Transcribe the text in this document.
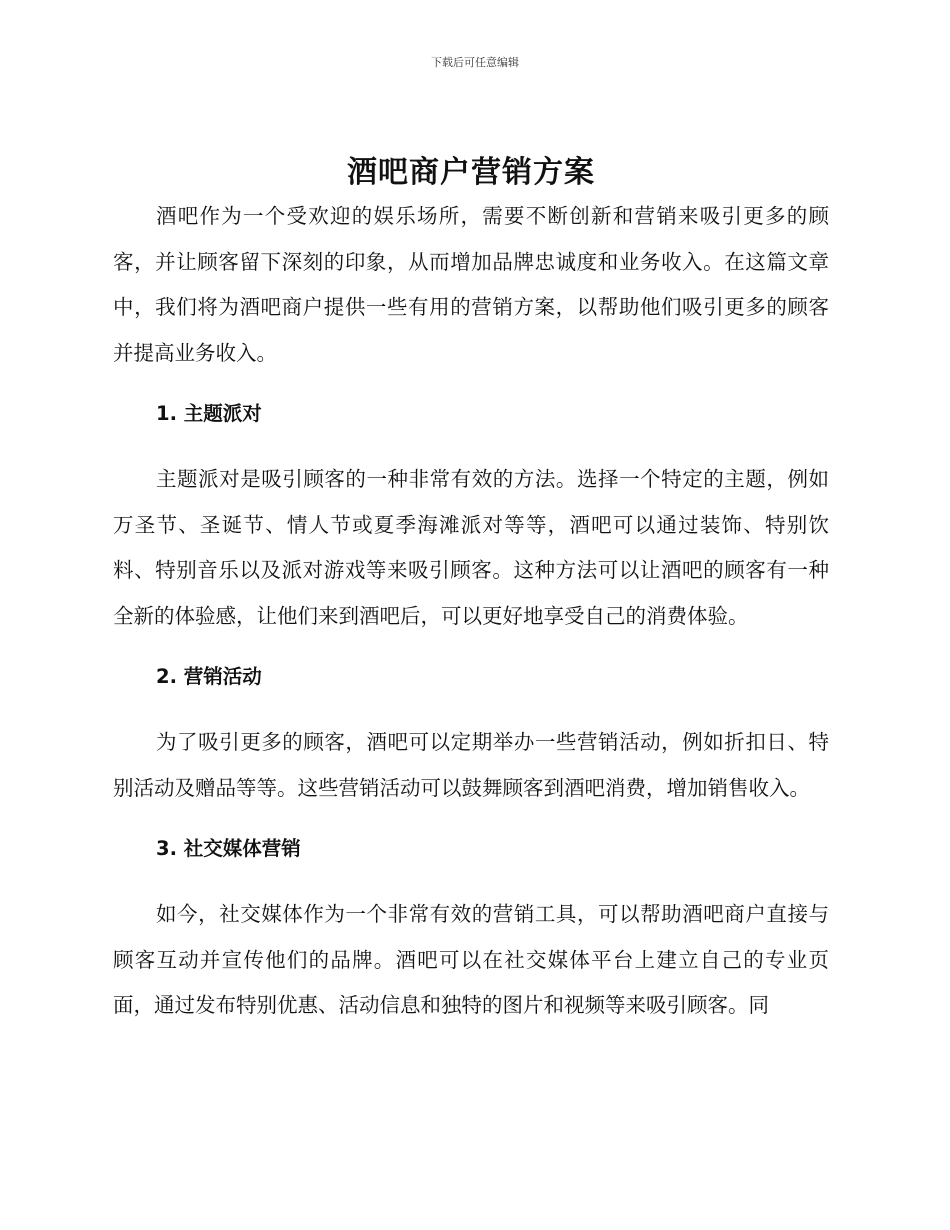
下载后可任意编辑
酒吧商户营销方案

酒吧作为一个受欢迎的娱乐场所，需要不断创新和营销来吸引更多的顾客，并让顾客留下深刻的印象，从而增加品牌忠诚度和业务收入。在这篇文章中，我们将为酒吧商户提供一些有用的营销方案，以帮助他们吸引更多的顾客并提高业务收入。

1. 主题派对

主题派对是吸引顾客的一种非常有效的方法。选择一个特定的主题，例如万圣节、圣诞节、情人节或夏季海滩派对等等，酒吧可以通过装饰、特别饮料、特别音乐以及派对游戏等来吸引顾客。这种方法可以让酒吧的顾客有一种全新的体验感，让他们来到酒吧后，可以更好地享受自己的消费体验。

2. 营销活动

为了吸引更多的顾客，酒吧可以定期举办一些营销活动，例如折扣日、特别活动及赠品等等。这些营销活动可以鼓舞顾客到酒吧消费，增加销售收入。

3. 社交媒体营销

如今，社交媒体作为一个非常有效的营销工具，可以帮助酒吧商户直接与顾客互动并宣传他们的品牌。酒吧可以在社交媒体平台上建立自己的专业页面，通过发布特别优惠、活动信息和独特的图片和视频等来吸引顾客。同
